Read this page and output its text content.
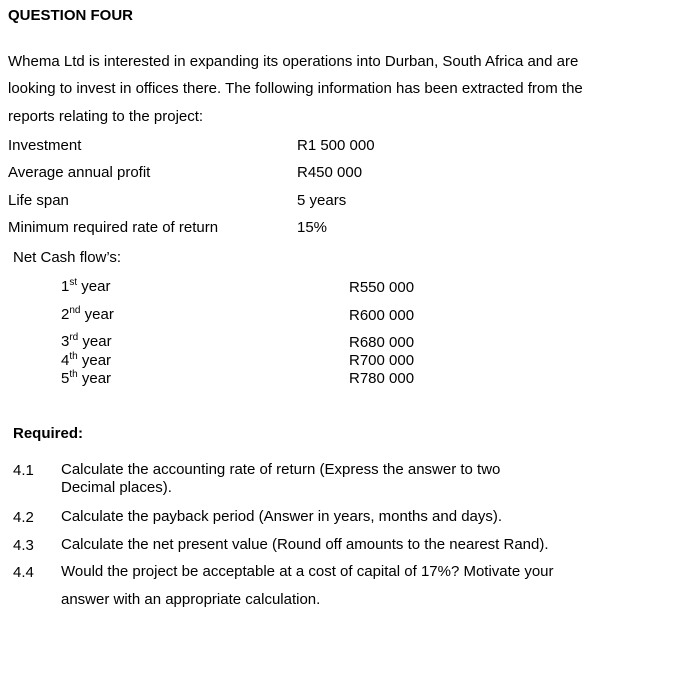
QUESTION FOUR
Whema Ltd is interested in expanding its operations into Durban, South Africa and are
looking to invest in offices there. The following information has been extracted from the
reports relating to the project:
Investment	R1 500 000
Average annual profit	R450 000
Life span	5 years
Minimum required rate of return	15%
Net Cash flow’s:
1st year	R550 000
2nd year	R600 000
3rd year	R680 000
4th year	R700 000
5th year	R780 000
Required:
4.1 Calculate the accounting rate of return (Express the answer to two
Decimal places).
4.2 Calculate the payback period (Answer in years, months and days).
4.3 Calculate the net present value (Round off amounts to the nearest Rand).
4.4 Would the project be acceptable at a cost of capital of 17%? Motivate your
answer with an appropriate calculation.
